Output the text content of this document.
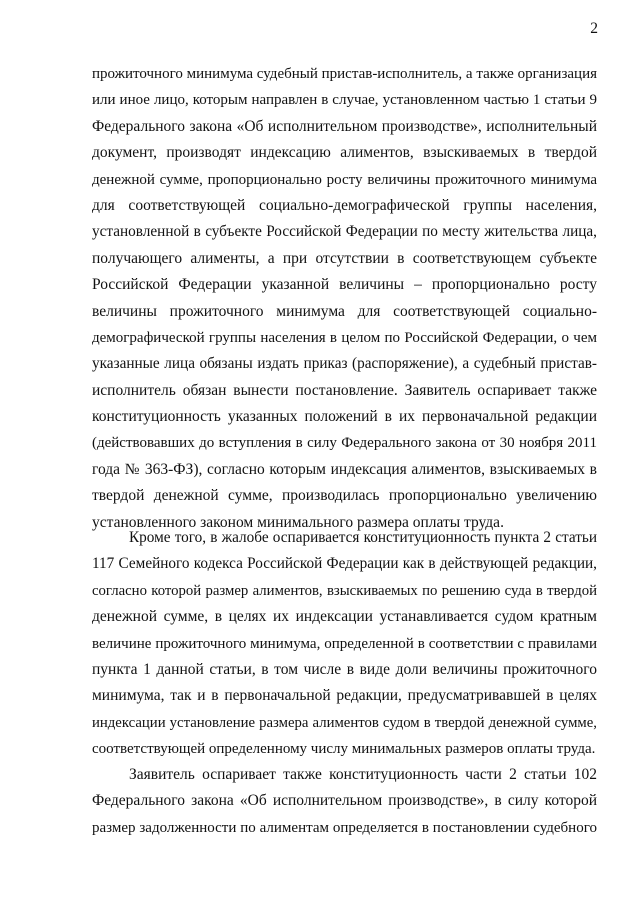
2
прожиточного минимума судебный пристав-исполнитель, а также организация
или иное лицо, которым направлен в случае, установленном частью 1 статьи 9
Федерального закона «Об исполнительном производстве», исполнительный
документ, производят индексацию алиментов, взыскиваемых в твердой
денежной сумме, пропорционально росту величины прожиточного минимума
для соответствующей социально-демографической группы населения,
установленной в субъекте Российской Федерации по месту жительства лица,
получающего алименты, а при отсутствии в соответствующем субъекте
Российской Федерации указанной величины – пропорционально росту
величины прожиточного минимума для соответствующей социально-
демографической группы населения в целом по Российской Федерации, о чем
указанные лица обязаны издать приказ (распоряжение), а судебный пристав-
исполнитель обязан вынести постановление. Заявитель оспаривает также
конституционность указанных положений в их первоначальной редакции
(действовавших до вступления в силу Федерального закона от 30 ноября 2011
года № 363-ФЗ), согласно которым индексация алиментов, взыскиваемых в
твердой денежной сумме, производилась пропорционально увеличению
установленного законом минимального размера оплаты труда.
Кроме того, в жалобе оспаривается конституционность пункта 2 статьи
117 Семейного кодекса Российской Федерации как в действующей редакции,
согласно которой размер алиментов, взыскиваемых по решению суда в твердой
денежной сумме, в целях их индексации устанавливается судом кратным
величине прожиточного минимума, определенной в соответствии с правилами
пункта 1 данной статьи, в том числе в виде доли величины прожиточного
минимума, так и в первоначальной редакции, предусматривавшей в целях
индексации установление размера алиментов судом в твердой денежной сумме,
соответствующей определенному числу минимальных размеров оплаты труда.
Заявитель оспаривает также конституционность части 2 статьи 102
Федерального закона «Об исполнительном производстве», в силу которой
размер задолженности по алиментам определяется в постановлении судебного
